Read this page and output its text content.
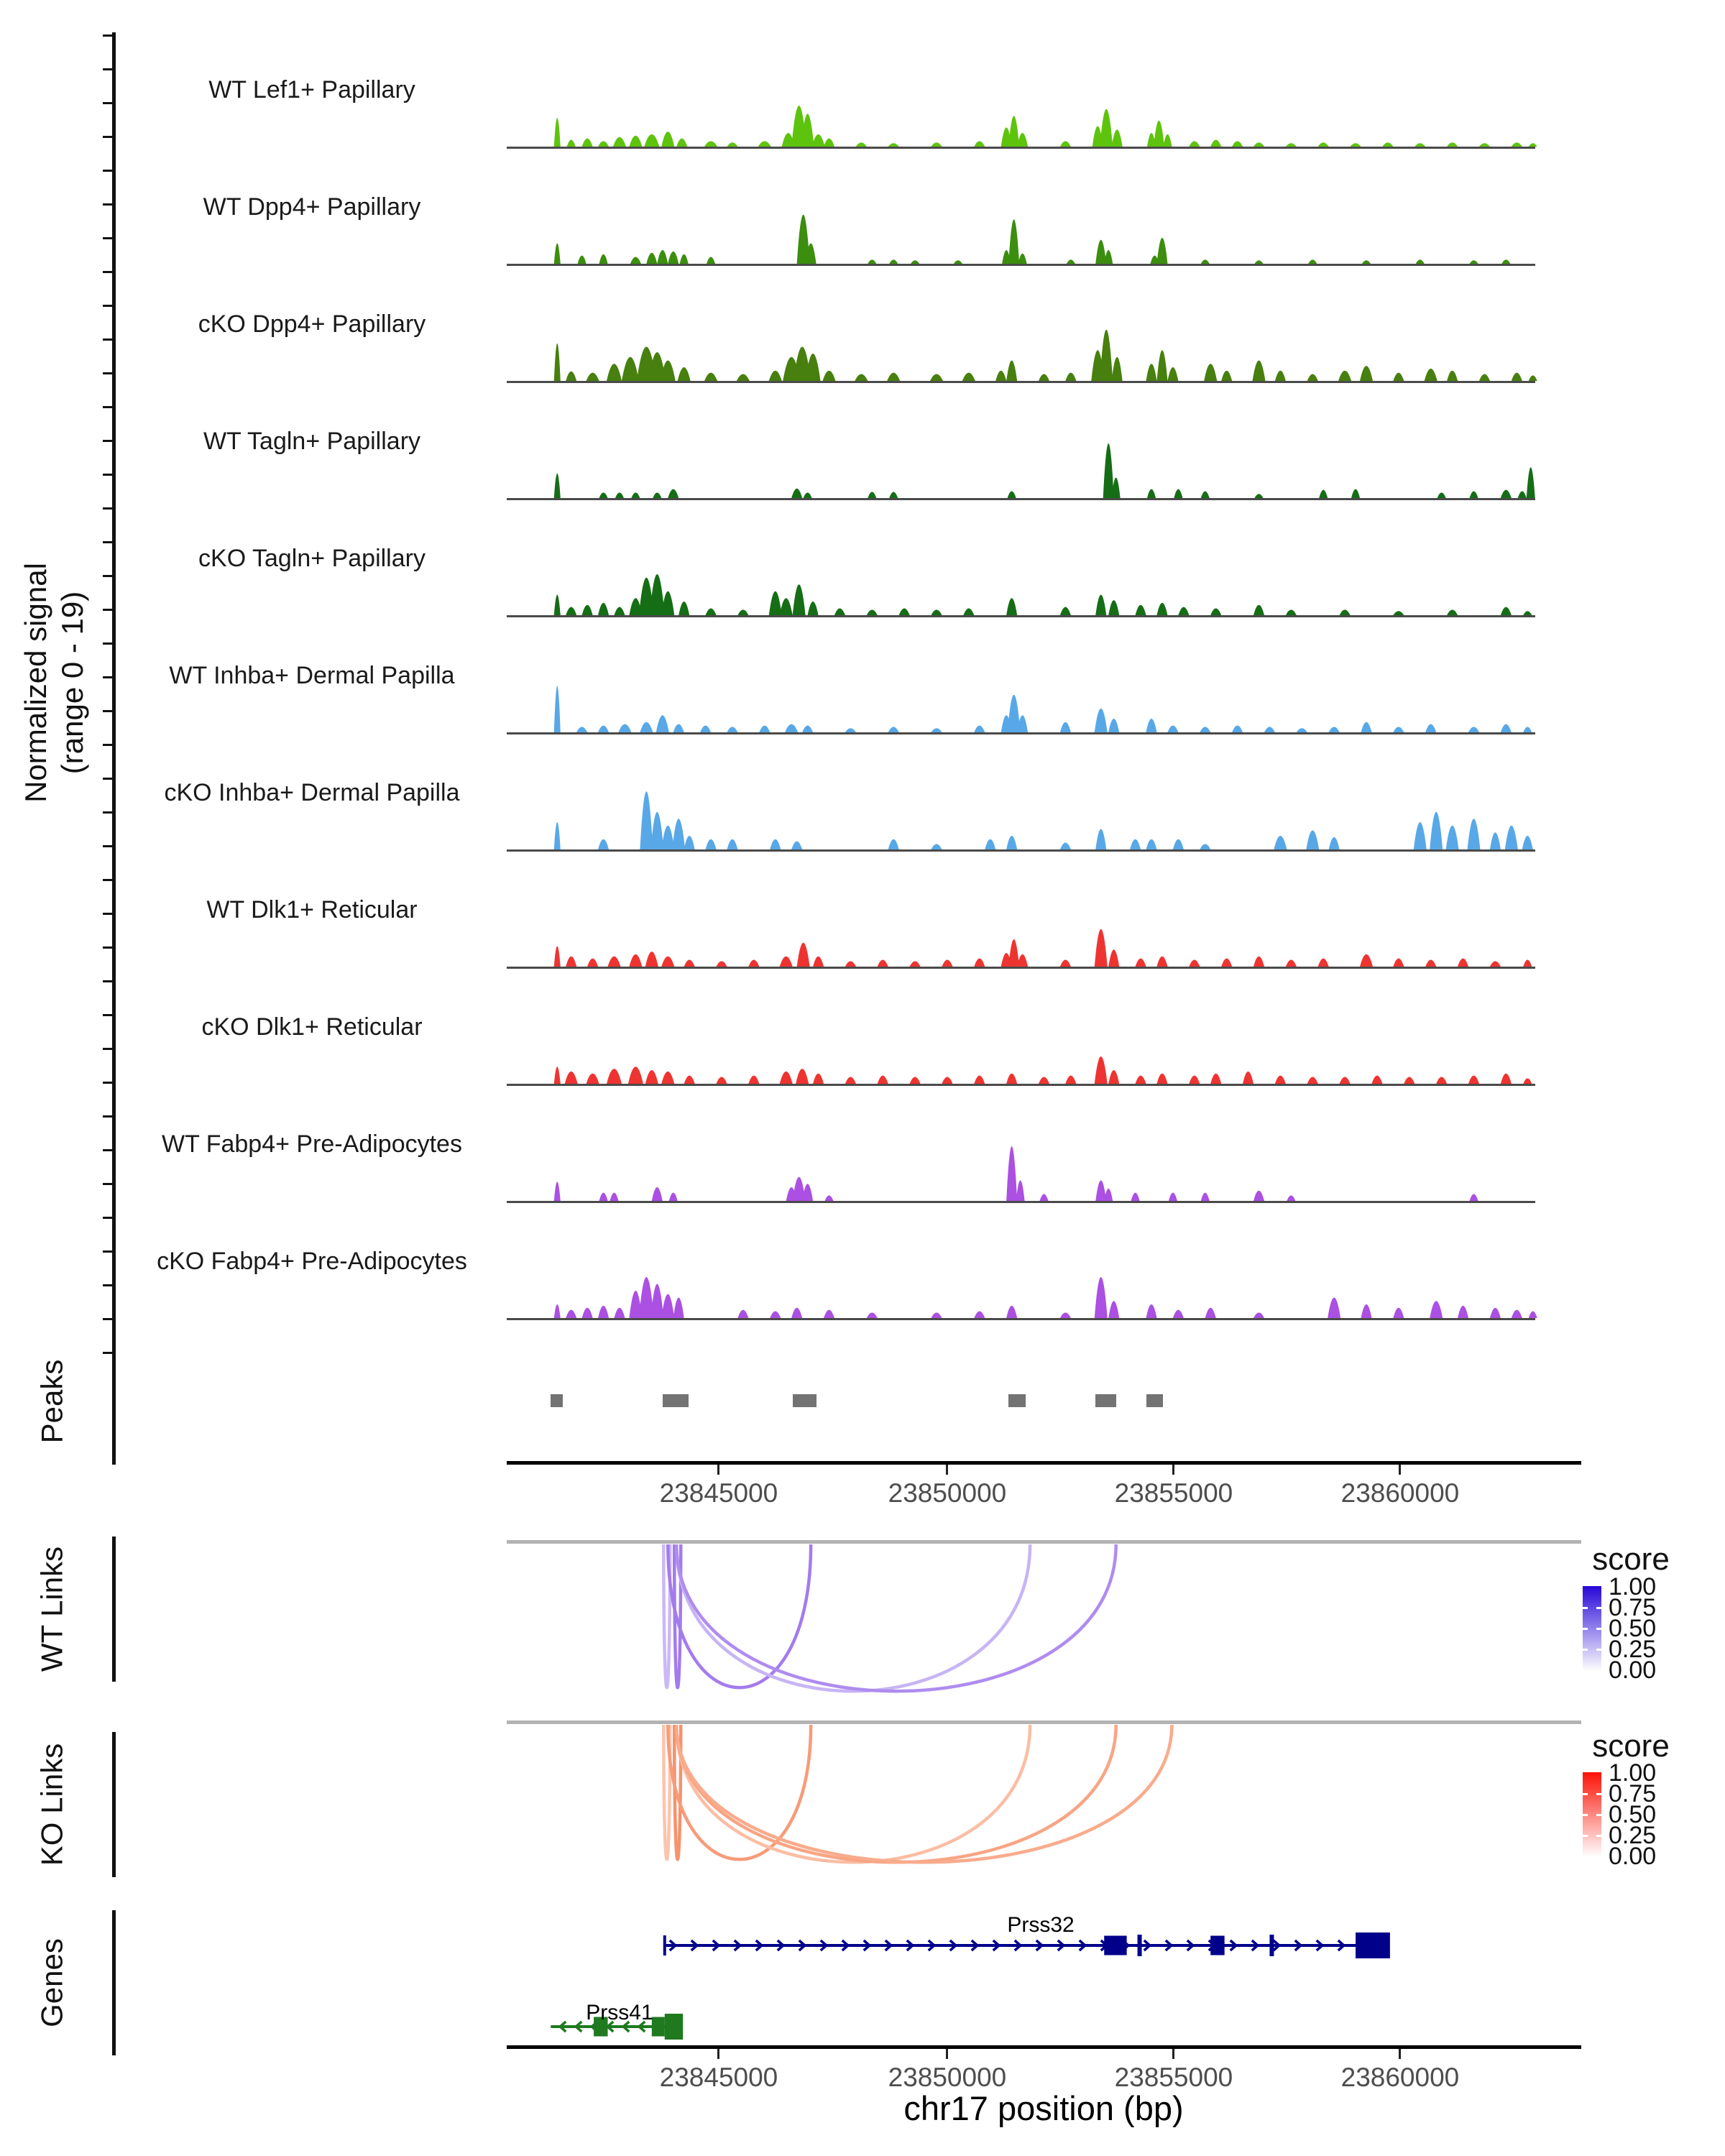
Normalized signal (range 0 - 19)
Peaks
WT Links
KO Links
Genes
WT Lef1+ Papillary
WT Dpp4+ Papillary
cKO Dpp4+ Papillary
WT Tagln+ Papillary
cKO Tagln+ Papillary
WT Inhba+ Dermal Papilla
cKO Inhba+ Dermal Papilla
WT Dlk1+ Reticular
cKO Dlk1+ Reticular
WT Fabp4+ Pre-Adipocytes
cKO Fabp4+ Pre-Adipocytes
23845000	23850000	23855000	23860000
score
1.00
0.75
0.50
0.25
0.00
score
1.00
0.75
0.50
0.25
0.00
Prss32
Prss41
23845000	23850000	23855000	23860000
chr17 position (bp)
